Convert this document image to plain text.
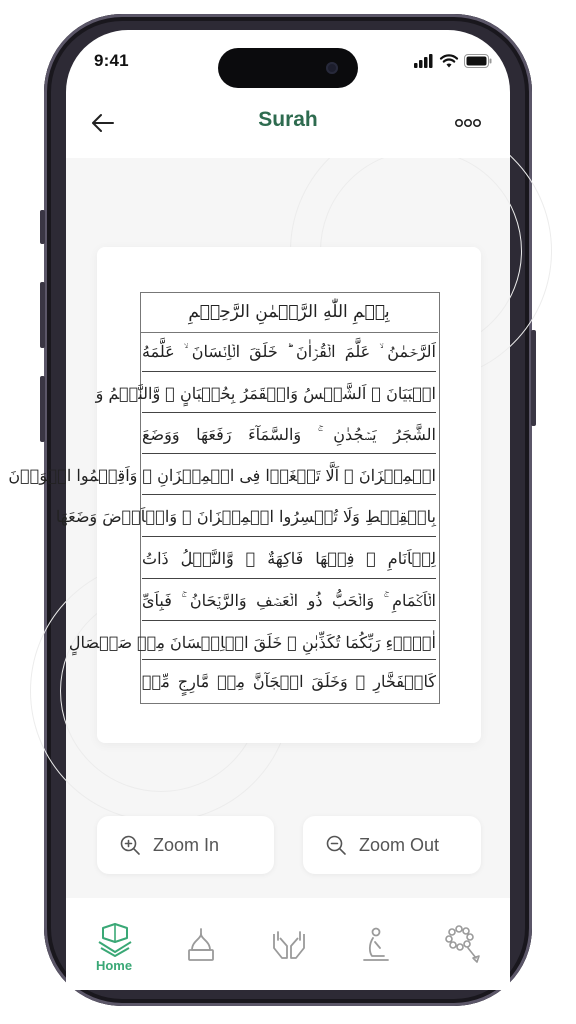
9:41
Surah
بِسۡمِ اللّٰهِ الرَّحۡمٰنِ الرَّحِيۡمِ
اَلرَّحۡمٰنُ ۙ عَلَّمَ الۡقُرۡاٰنَ ؕ خَلَقَ الۡاِنۡسَانَ ۙ عَلَّمَهُ
الۡبَيَانَ ۚ اَلشَّمۡسُ وَالۡقَمَرُ بِحُسۡبَانٍ ۙ وَّالنَّجۡمُ وَ
الشَّجَرُ يَسۡجُدٰنِ ۚ وَالسَّمَآءَ رَفَعَهَا وَوَضَعَ
الۡمِيۡزَانَ ۙ اَلَّا تَطۡغَوۡا فِى الۡمِيۡزَانِ ۚ وَاَقِيۡمُوا الۡوَزۡنَ
بِالۡقِسۡطِ وَلَا تُخۡسِرُوا الۡمِيۡزَانَ ۚ وَالۡاَرۡضَ وَضَعَهَا
لِلۡاَنَامِ ۙ فِيۡهَا فَاكِهَةٌ ۙ وَّالنَّخۡلُ ذَاتُ
الۡاَكۡمَامِ ۚ وَالۡحَبُّ ذُو الۡعَصۡفِ وَالرَّيۡحَانُ ۚ فَبِاَىِّ
اٰلَاۤءِ رَبِّكُمَا تُكَذِّبٰنِ ۚ خَلَقَ الۡاِنۡسَانَ مِنۡ صَلۡصَالٍ
كَالۡفَخَّارِ ۙ وَخَلَقَ الۡجَآنَّ مِنۡ مَّارِجٍ مِّنۡ
Zoom In	Zoom Out
Home
